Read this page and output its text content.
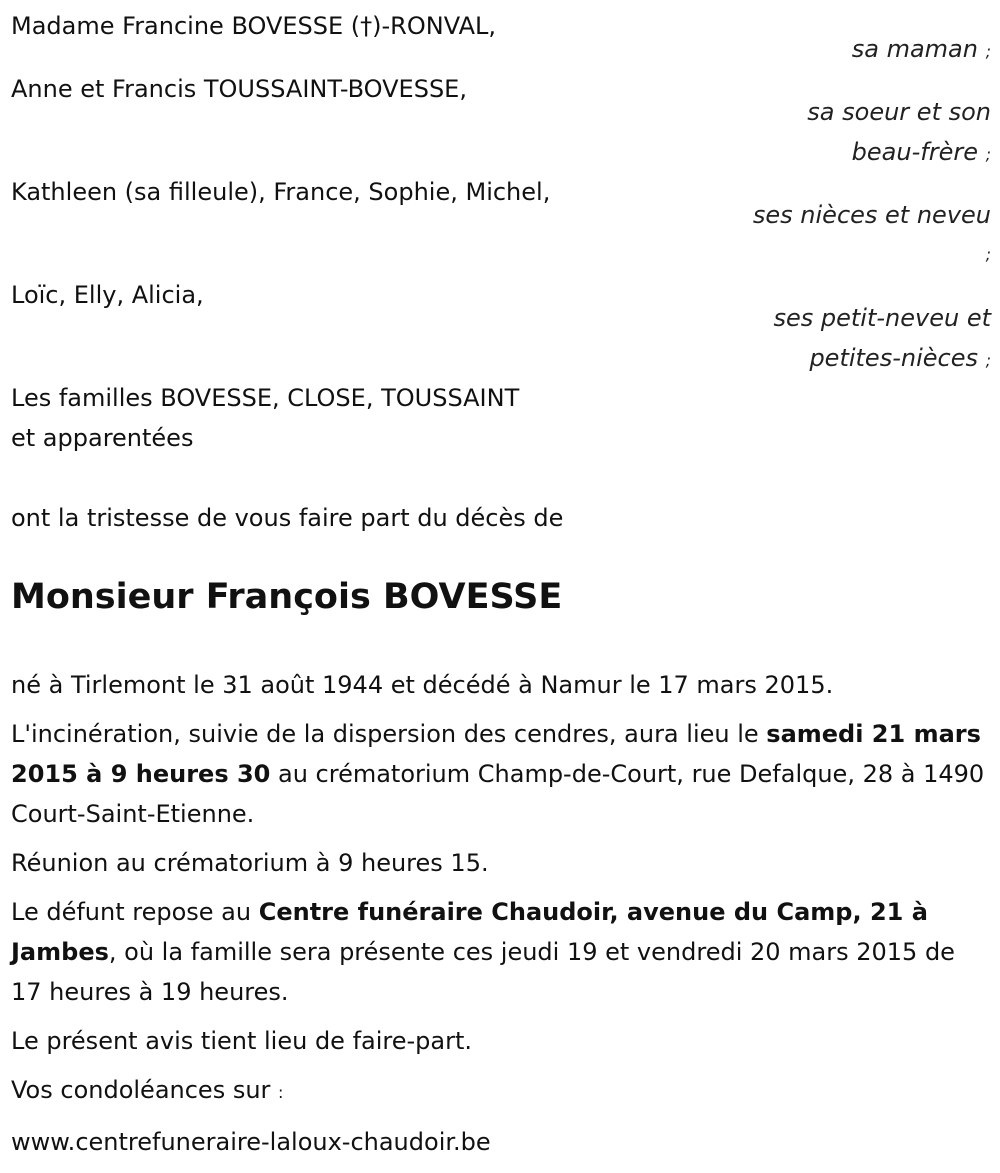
Madame Francine BOVESSE (†)-RONVAL,
sa maman ;
Anne et Francis TOUSSAINT-BOVESSE,
sa soeur et son
beau-frère ;
Kathleen (sa filleule), France, Sophie, Michel,
ses nièces et neveu
;
Loïc, Elly, Alicia,
ses petit-neveu et
petites-nièces ;
Les familles BOVESSE, CLOSE, TOUSSAINT
et apparentées
ont la tristesse de vous faire part du décès de
Monsieur François BOVESSE

né à Tirlemont le 31 août 1944 et décédé à Namur le 17 mars 2015.

L'incinération, suivie de la dispersion des cendres, aura lieu le samedi 21 mars 2015 à 9 heures 30 au crématorium Champ-de-Court, rue Defalque, 28 à 1490 Court-Saint-Etienne.

Réunion au crématorium à 9 heures 15.

Le défunt repose au Centre funéraire Chaudoir, avenue du Camp, 21 à Jambes, où la famille sera présente ces jeudi 19 et vendredi 20 mars 2015 de 17 heures à 19 heures.

Le présent avis tient lieu de faire-part.

Vos condoléances sur :

www.centrefuneraire-laloux-chaudoir.be
